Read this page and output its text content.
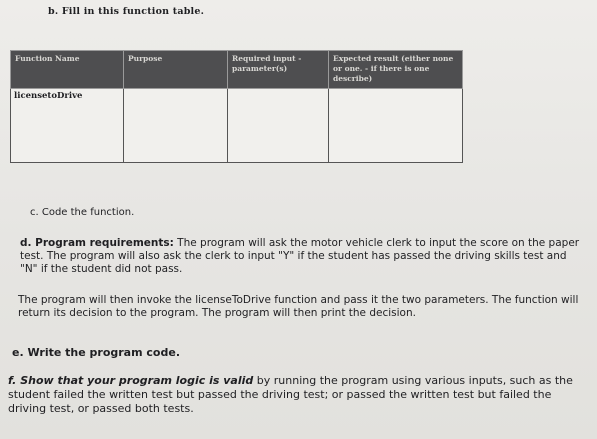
b. Fill in this function table.
Function Name	Purpose	Required input - parameter(s)	Expected result (either none or one. - if there is one describe)
licensetoDrive			
c. Code the function.
d. Program requirements: The program will ask the motor vehicle clerk to input the score on the paper test. The program will also ask the clerk to input "Y" if the student has passed the driving skills test and "N" if the student did not pass.
The program will then invoke the licenseToDrive function and pass it the two parameters. The function will return its decision to the program. The program will then print the decision.
e. Write the program code.
f. Show that your program logic is valid by running the program using various inputs, such as the student failed the written test but passed the driving test; or passed the written test but failed the driving test, or passed both tests.
